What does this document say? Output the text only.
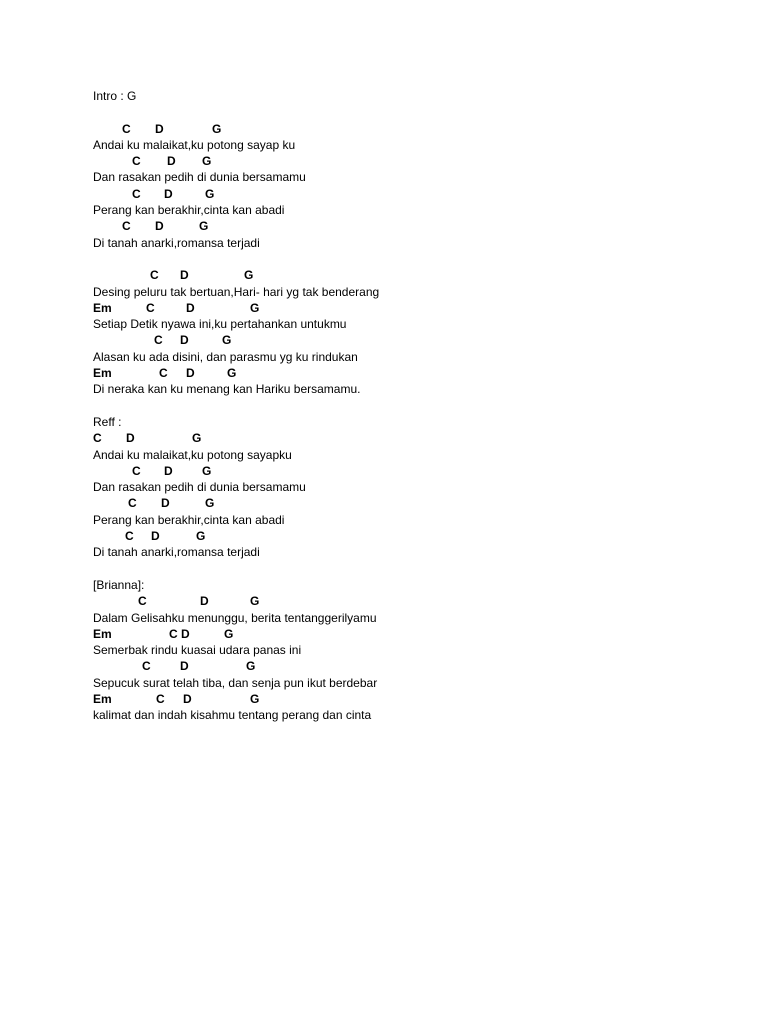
Intro : G
C D	G
Andai ku malaikat,ku potong sayap ku
C D G
Dan rasakan pedih di dunia bersamamu
C D	G
Perang kan berakhir,cinta kan abadi
C D	G
Di tanah anarki,romansa terjadi
C D	G
Desing peluru tak bertuan,Hari- hari yg tak benderang
Em	C	D	G
Setiap Detik nyawa ini,ku pertahankan untukmu
C D	G
Alasan ku ada disini, dan parasmu yg ku rindukan
Em	C D	G
Di neraka kan ku menang kan Hariku bersamamu.
Reff :
C D	G
Andai ku malaikat,ku potong sayapku
C D G
Dan rasakan pedih di dunia bersamamu
C D	G
Perang kan berakhir,cinta kan abadi
C D	G
Di tanah anarki,romansa terjadi
[Brianna]:
C	D	G
Dalam Gelisahku menunggu, berita tentanggerilyamu
Em	C D	G
Semerbak rindu kuasai udara panas ini
C D	G
Sepucuk surat telah tiba, dan senja pun ikut berdebar
Em	C D	G
kalimat dan indah kisahmu tentang perang dan cinta
